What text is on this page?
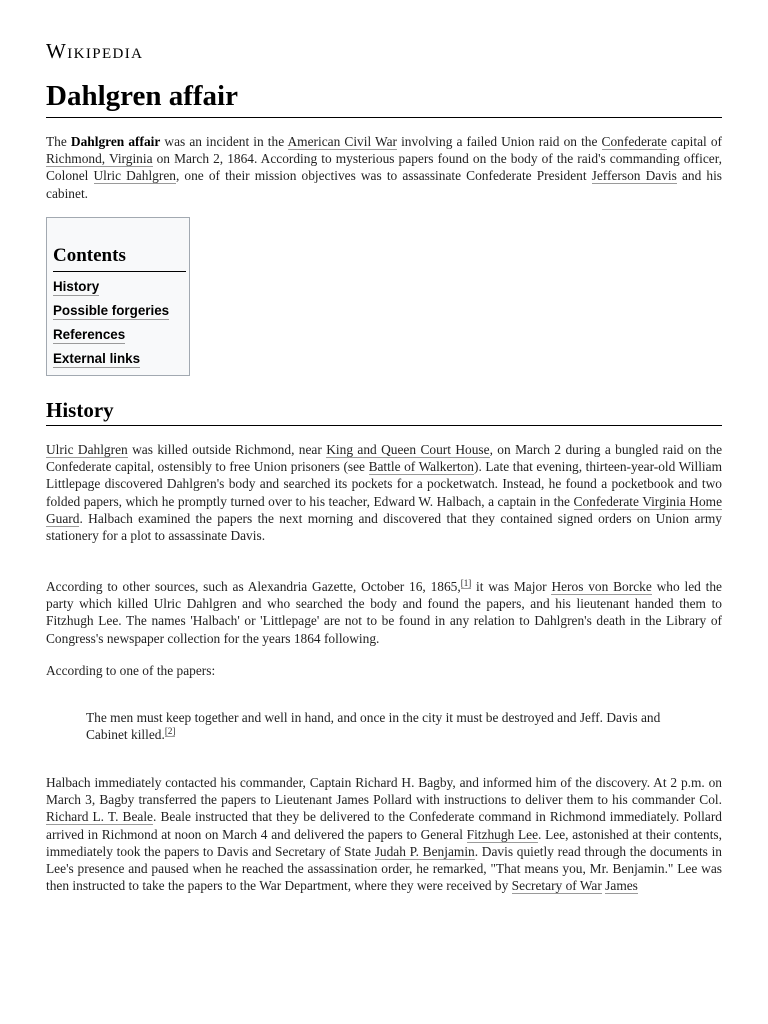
Wikipedia
Dahlgren affair

The Dahlgren affair was an incident in the American Civil War involving a failed Union raid on the Confederate capital of Richmond, Virginia on March 2, 1864. According to mysterious papers found on the body of the raid's commanding officer, Colonel Ulric Dahlgren, one of their mission objectives was to assassinate Confederate President Jefferson Davis and his cabinet.

Contents
History
Possible forgeries
References
External links
History

Ulric Dahlgren was killed outside Richmond, near King and Queen Court House, on March 2 during a bungled raid on the Confederate capital, ostensibly to free Union prisoners (see Battle of Walkerton). Late that evening, thirteen-year-old William Littlepage discovered Dahlgren's body and searched its pockets for a pocketwatch. Instead, he found a pocketbook and two folded papers, which he promptly turned over to his teacher, Edward W. Halbach, a captain in the Confederate Virginia Home Guard. Halbach examined the papers the next morning and discovered that they contained signed orders on Union army stationery for a plot to assassinate Davis.

According to other sources, such as Alexandria Gazette, October 16, 1865,[1] it was Major Heros von Borcke who led the party which killed Ulric Dahlgren and who searched the body and found the papers, and his lieutenant handed them to Fitzhugh Lee. The names 'Halbach' or 'Littlepage' are not to be found in any relation to Dahlgren's death in the Library of Congress's newspaper collection for the years 1864 following.

According to one of the papers:

The men must keep together and well in hand, and once in the city it must be destroyed and Jeff. Davis and Cabinet killed.[2]

Halbach immediately contacted his commander, Captain Richard H. Bagby, and informed him of the discovery. At 2 p.m. on March 3, Bagby transferred the papers to Lieutenant James Pollard with instructions to deliver them to his commander Col. Richard L. T. Beale. Beale instructed that they be delivered to the Confederate command in Richmond immediately. Pollard arrived in Richmond at noon on March 4 and delivered the papers to General Fitzhugh Lee. Lee, astonished at their contents, immediately took the papers to Davis and Secretary of State Judah P. Benjamin. Davis quietly read through the documents in Lee's presence and paused when he reached the assassination order, he remarked, "That means you, Mr. Benjamin." Lee was then instructed to take the papers to the War Department, where they were received by Secretary of War James
